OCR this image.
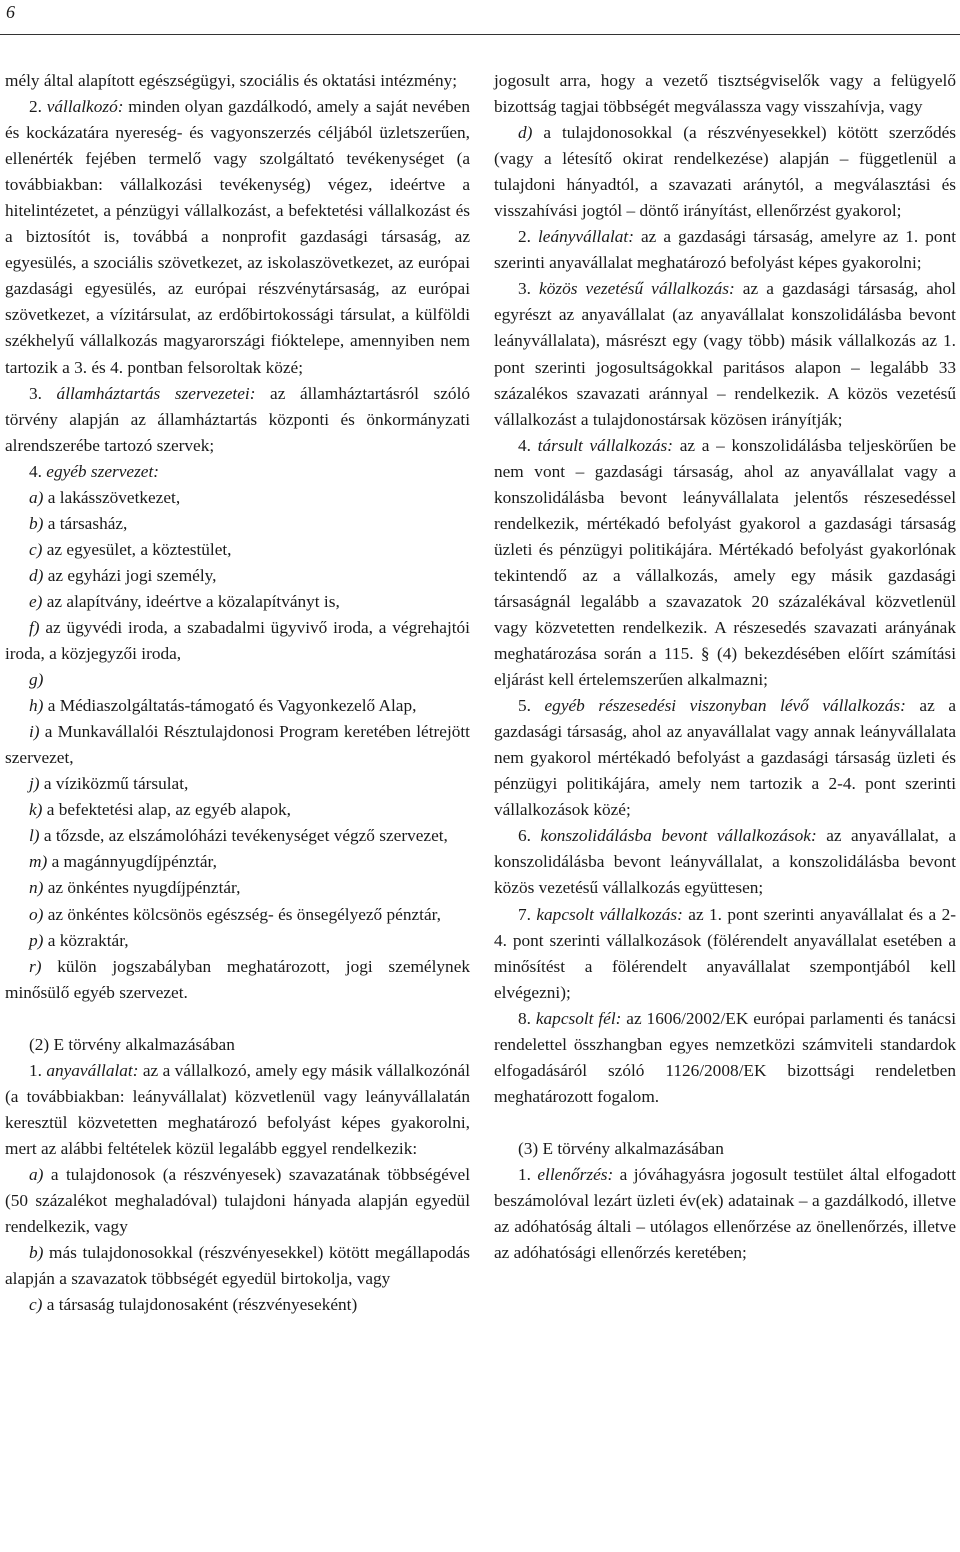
6

mély által alapított egészségügyi, szociális és oktatási intézmény;

2. vállalkozó: minden olyan gazdálkodó, amely a saját nevében és kockázatára nyereség- és vagyonszerzés céljából üzletszerűen, ellenérték fejében termelő vagy szolgáltató tevékenységet (a továbbiakban: vállalkozási tevékenység) végez, ideértve a hitelintézetet, a pénzügyi vállalkozást, a befektetési vállalkozást és a biztosítót is, továbbá a nonprofit gazdasági társaság, az egyesülés, a szociális szövetkezet, az iskolaszövetkezet, az európai gazdasági egyesülés, az európai részvénytársaság, az európai szövetkezet, a vízitársulat, az erdőbirtokossági társulat, a külföldi székhelyű vállalkozás magyarországi fióktelepe, amennyiben nem tartozik a 3. és 4. pontban felsoroltak közé;

3. államháztartás szervezetei: az államháztartásról szóló törvény alapján az államháztartás központi és önkormányzati alrendszerébe tartozó szervek;

4. egyéb szervezet:

a) a lakásszövetkezet,

b) a társasház,

c) az egyesület, a köztestület,

d) az egyházi jogi személy,

e) az alapítvány, ideértve a közalapítványt is,

f) az ügyvédi iroda, a szabadalmi ügyvivő iroda, a végrehajtói iroda, a közjegyzői iroda,

g)

h) a Médiaszolgáltatás-támogató és Vagyonkezelő Alap,

i) a Munkavállalói Résztulajdonosi Program keretében létrejött szervezet,

j) a víziközmű társulat,

k) a befektetési alap, az egyéb alapok,

l) a tőzsde, az elszámolóházi tevékenységet végző szervezet,

m) a magánnyugdíjpénztár,

n) az önkéntes nyugdíjpénztár,

o) az önkéntes kölcsönös egészség- és önsegélyező pénztár,

p) a közraktár,

r) külön jogszabályban meghatározott, jogi személynek minősülő egyéb szervezet.

(2) E törvény alkalmazásában

1. anyavállalat: az a vállalkozó, amely egy másik vállalkozónál (a továbbiakban: leányvállalat) közvetlenül vagy leányvállalatán keresztül közvetetten meghatározó befolyást képes gyakorolni, mert az alábbi feltételek közül legalább eggyel rendelkezik:

a) a tulajdonosok (a részvényesek) szavazatának többségével (50 százalékot meghaladóval) tulajdoni hányada alapján egyedül rendelkezik, vagy

b) más tulajdonosokkal (részvényesekkel) kötött megállapodás alapján a szavazatok többségét egyedül birtokolja, vagy

c) a társaság tulajdonosaként (részvényeseként)

jogosult arra, hogy a vezető tisztségviselők vagy a felügyelő bizottság tagjai többségét megválassza vagy visszahívja, vagy

d) a tulajdonosokkal (a részvényesekkel) kötött szerződés (vagy a létesítő okirat rendelkezése) alapján – függetlenül a tulajdoni hányadtól, a szavazati aránytól, a megválasztási és visszahívási jogtól – döntő irányítást, ellenőrzést gyakorol;

2. leányvállalat: az a gazdasági társaság, amelyre az 1. pont szerinti anyavállalat meghatározó befolyást képes gyakorolni;

3. közös vezetésű vállalkozás: az a gazdasági társaság, ahol egyrészt az anyavállalat (az anyavállalat konszolidálásba bevont leányvállalata), másrészt egy (vagy több) másik vállalkozás az 1. pont szerinti jogosultságokkal paritásos alapon – legalább 33 százalékos szavazati aránnyal – rendelkezik. A közös vezetésű vállalkozást a tulajdonostársak közösen irányítják;

4. társult vállalkozás: az a – konszolidálásba teljeskörűen be nem vont – gazdasági társaság, ahol az anyavállalat vagy a konszolidálásba bevont leányvállalata jelentős részesedéssel rendelkezik, mértékadó befolyást gyakorol a gazdasági társaság üzleti és pénzügyi politikájára. Mértékadó befolyást gyakorlónak tekintendő az a vállalkozás, amely egy másik gazdasági társaságnál legalább a szavazatok 20 százalékával közvetlenül vagy közvetetten rendelkezik. A részesedés szavazati arányának meghatározása során a 115. § (4) bekezdésében előírt számítási eljárást kell értelemszerűen alkalmazni;

5. egyéb részesedési viszonyban lévő vállalkozás: az a gazdasági társaság, ahol az anyavállalat vagy annak leányvállalata nem gyakorol mértékadó befolyást a gazdasági társaság üzleti és pénzügyi politikájára, amely nem tartozik a 2-4. pont szerinti vállalkozások közé;

6. konszolidálásba bevont vállalkozások: az anyavállalat, a konszolidálásba bevont leányvállalat, a konszolidálásba bevont közös vezetésű vállalkozás együttesen;

7. kapcsolt vállalkozás: az 1. pont szerinti anyavállalat és a 2-4. pont szerinti vállalkozások (fölérendelt anyavállalat esetében a minősítést a fölérendelt anyavállalat szempontjából kell elvégezni);

8. kapcsolt fél: az 1606/2002/EK európai parlamenti és tanácsi rendelettel összhangban egyes nemzetközi számviteli standardok elfogadásáról szóló 1126/2008/EK bizottsági rendeletben meghatározott fogalom.

(3) E törvény alkalmazásában

1. ellenőrzés: a jóváhagyásra jogosult testület által elfogadott beszámolóval lezárt üzleti év(ek) adatainak – a gazdálkodó, illetve az adóhatóság általi – utólagos ellenőrzése az önellenőrzés, illetve az adóhatósági ellenőrzés keretében;
